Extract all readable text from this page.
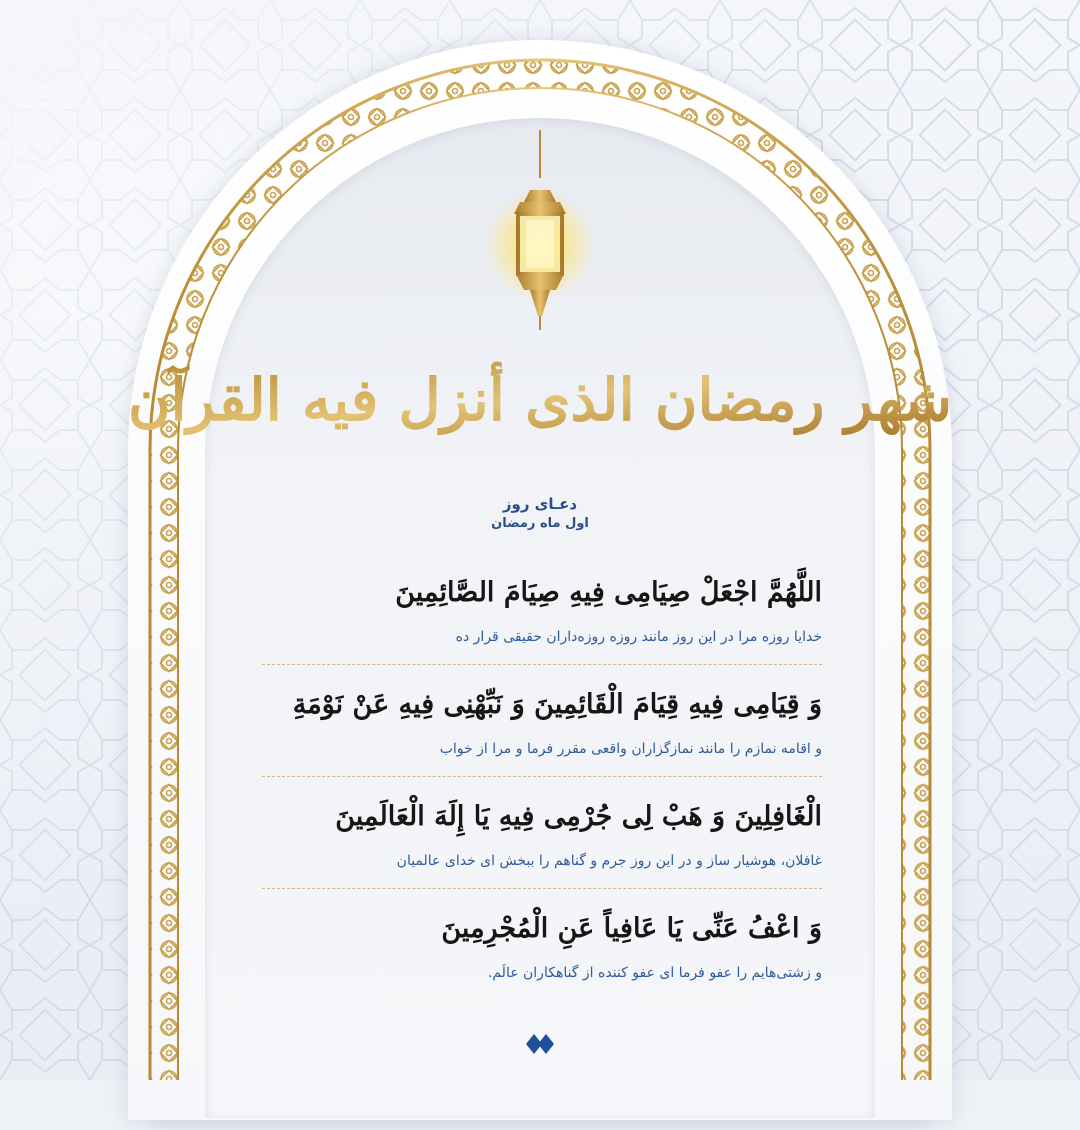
شهر رمضان الذی أنزل فیه القرآن
دعـای روز
اول ماه رمضان
اللَّهُمَّ اجْعَلْ صِيَامِی فِيهِ صِيَامَ الصَّائِمِينَ
خدایا روزه مرا در این روز مانند روزه روزه‌داران حقیقی قرار ده
وَ قِيَامِی فِيهِ قِيَامَ الْقَائِمِينَ وَ نَبِّهْنِی فِيهِ عَنْ نَوْمَةِ
و اقامه نمازم را مانند نمازگزاران واقعی مقرر فرما و مرا از خواب
الْغَافِلِينَ وَ هَبْ لِی جُرْمِی فِيهِ يَا إِلَهَ الْعَالَمِينَ
غافلان، هوشیار ساز و در این روز جرم و گناهم را ببخش ای خدای عالمیان
وَ اعْفُ عَنِّی يَا عَافِياً عَنِ الْمُجْرِمِينَ
و زشتی‌هایم را عفو فرما ای عفو کننده از گناهکاران عالَم.
